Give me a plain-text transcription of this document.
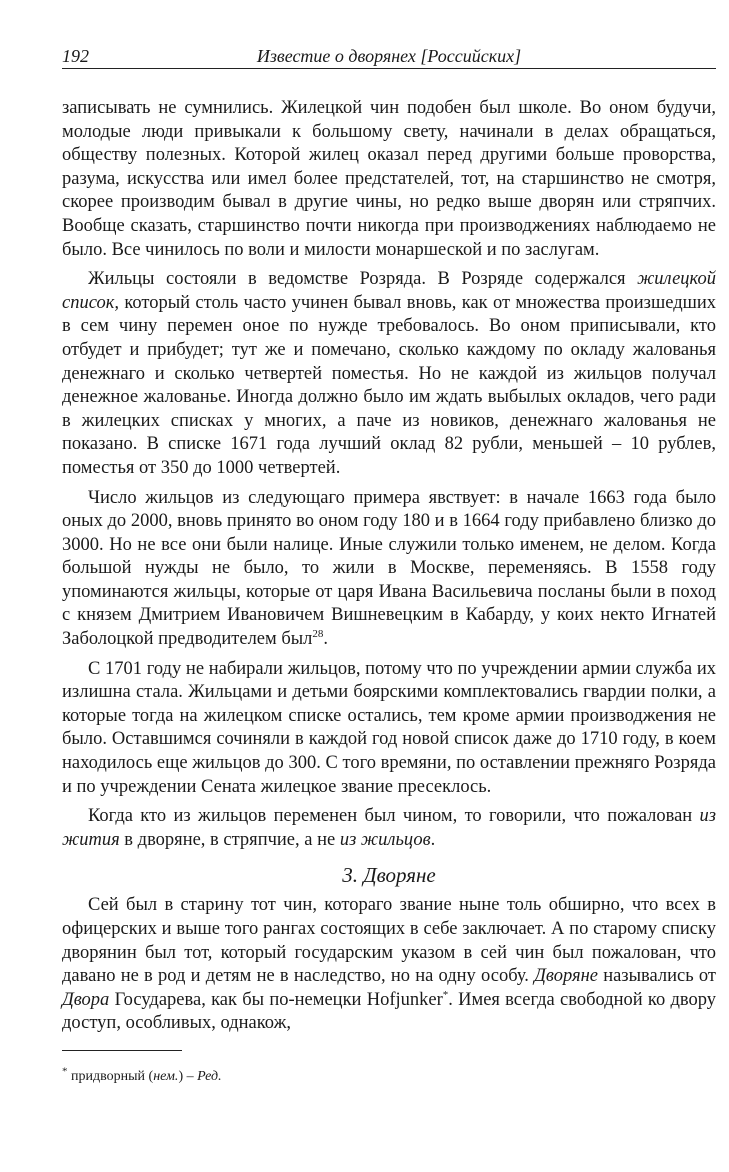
192	Известие о дворянех [Российских]

записывать не сумнились. Жилецкой чин подобен был школе. Во оном будучи, молодые люди привыкали к большому свету, начинали в делах обращаться, обществу полезных. Которой жилец оказал перед другими больше проворства, разума, искусства или имел более предстателей, тот, на старшинство не смотря, скорее производим бывал в другие чины, но редко выше дворян или стряпчих. Вообще сказать, старшинство почти никогда при производжениях наблюдаемо не было. Все чинилось по воли и милости монаршеской и по заслугам.

Жильцы состояли в ведомстве Розряда. В Розряде содержался жилецкой список, который столь часто учинен бывал вновь, как от множества произшедших в сем чину перемен оное по нужде требовалось. Во оном приписывали, кто отбудет и прибудет; тут же и помечано, сколько каждому по окладу жалованья денежнаго и сколько четвертей поместья. Но не каждой из жильцов получал денежное жалованье. Иногда должно было им ждать выбылых окладов, чего ради в жилецких списках у многих, а паче из новиков, денежнаго жалованья не показано. В списке 1671 года лучший оклад 82 рубли, меньшей – 10 рублев, поместья от 350 до 1000 четвертей.

Число жильцов из следующаго примера явствует: в начале 1663 года было оных до 2000, вновь принято во оном году 180 и в 1664 году прибавлено близко до 3000. Но не все они были налице. Иные служили только именем, не делом. Когда большой нужды не было, то жили в Москве, переменяясь. В 1558 году упоминаются жильцы, которые от царя Ивана Васильевича посланы были в поход с князем Дмитрием Ивановичем Вишневецким в Кабарду, у коих некто Игнатей Заболоцкой предводителем был$^{28}$.

С 1701 году не набирали жильцов, потому что по учреждении армии служба их излишна стала. Жильцами и детьми боярскими комплектовались гвардии полки, а которые тогда на жилецком списке остались, тем кроме армии производжения не было. Оставшимся сочиняли в каждой год новой список даже до 1710 году, в коем находилось еще жильцов до 300. С того времяни, по оставлении прежняго Розряда и по учреждении Сената жилецкое звание пресеклось.

Когда кто из жильцов переменен был чином, то говорили, что пожалован из жития в дворяне, в стряпчие, а не из жильцов.

3. Дворяне

Сей был в старину тот чин, котораго звание ныне толь обширно, что всех в офицерских и выше того рангах состоящих в себе заключает. А по старому списку дворянин был тот, который государским указом в сей чин был пожалован, что давано не в род и детям не в наследство, но на одну особу. Дворяне назывались от Двора Государева, как бы по-немецки Hofjunker*. Имея всегда свободной ко двору доступ, особливых, однакож,

* придворный (нем.) – Ред.
